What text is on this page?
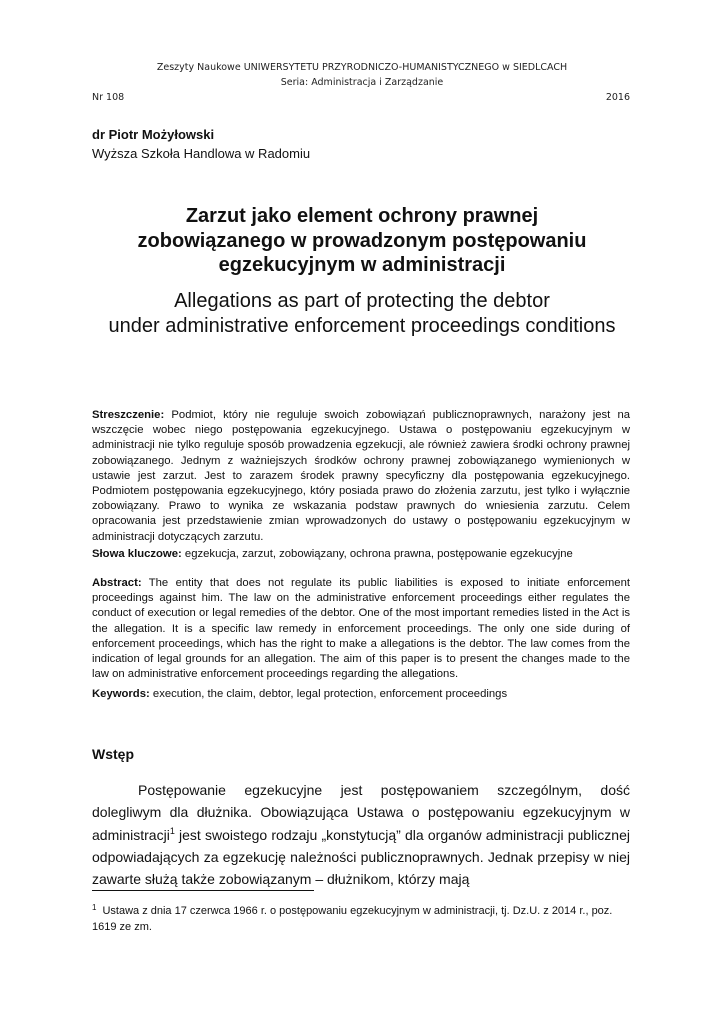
Zeszyty Naukowe UNIWERSYTETU PRZYRODNICZO-HUMANISTYCZNEGO w SIEDLCACH
Seria: Administracja i Zarządzanie
Nr 108	2016
dr Piotr Możyłowski
Wyższa Szkoła Handlowa w Radomiu
Zarzut jako element ochrony prawnej
zobowiązanego w prowadzonym postępowaniu
egzekucyjnym w administracji
Allegations as part of protecting the debtor
under administrative enforcement proceedings conditions
Streszczenie: Podmiot, który nie reguluje swoich zobowiązań publicznoprawnych, narażony jest na wszczęcie wobec niego postępowania egzekucyjnego. Ustawa o postępowaniu egzekucyjnym w administracji nie tylko reguluje sposób prowadzenia egzekucji, ale również zawiera środki ochrony prawnej zobowiązanego. Jednym z ważniejszych środków ochrony prawnej zobowiązanego wymienionych w ustawie jest zarzut. Jest to zarazem środek prawny specyficzny dla postępowania egzekucyjnego. Podmiotem postępowania egzekucyjnego, który posiada prawo do złożenia zarzutu, jest tylko i wyłącznie zobowiązany. Prawo to wynika ze wskazania podstaw prawnych do wniesienia zarzutu. Celem opracowania jest przedstawienie zmian wprowadzonych do ustawy o postępowaniu egzekucyjnym w administracji dotyczących zarzutu.
Słowa kluczowe: egzekucja, zarzut, zobowiązany, ochrona prawna, postępowanie egzekucyjne
Abstract: The entity that does not regulate its public liabilities is exposed to initiate enforcement proceedings against him. The law on the administrative enforcement proceedings either regulates the conduct of execution or legal remedies of the debtor. One of the most important remedies listed in the Act is the allegation. It is a specific law remedy in enforcement proceedings. The only one side during of enforcement proceedings, which has the right to make a allegations is the debtor. The law comes from the indication of legal grounds for an allegation. The aim of this paper is to present the changes made to the law on administrative enforcement proceedings regarding the allegations.
Keywords: execution, the claim, debtor, legal protection, enforcement proceedings
Wstęp
Postępowanie egzekucyjne jest postępowaniem szczególnym, dość dolegliwym dla dłużnika. Obowiązująca Ustawa o postępowaniu egzekucyjnym w administracji$^1$ jest swoistego rodzaju „konstytucją” dla organów administracji publicznej odpowiadających za egzekucję należności publicznoprawnych. Jednak przepisy w niej zawarte służą także zobowiązanym – dłużnikom, którzy mają
$^1$ Ustawa z dnia 17 czerwca 1966 r. o postępowaniu egzekucyjnym w administracji, tj. Dz.U. z 2014 r., poz. 1619 ze zm.
